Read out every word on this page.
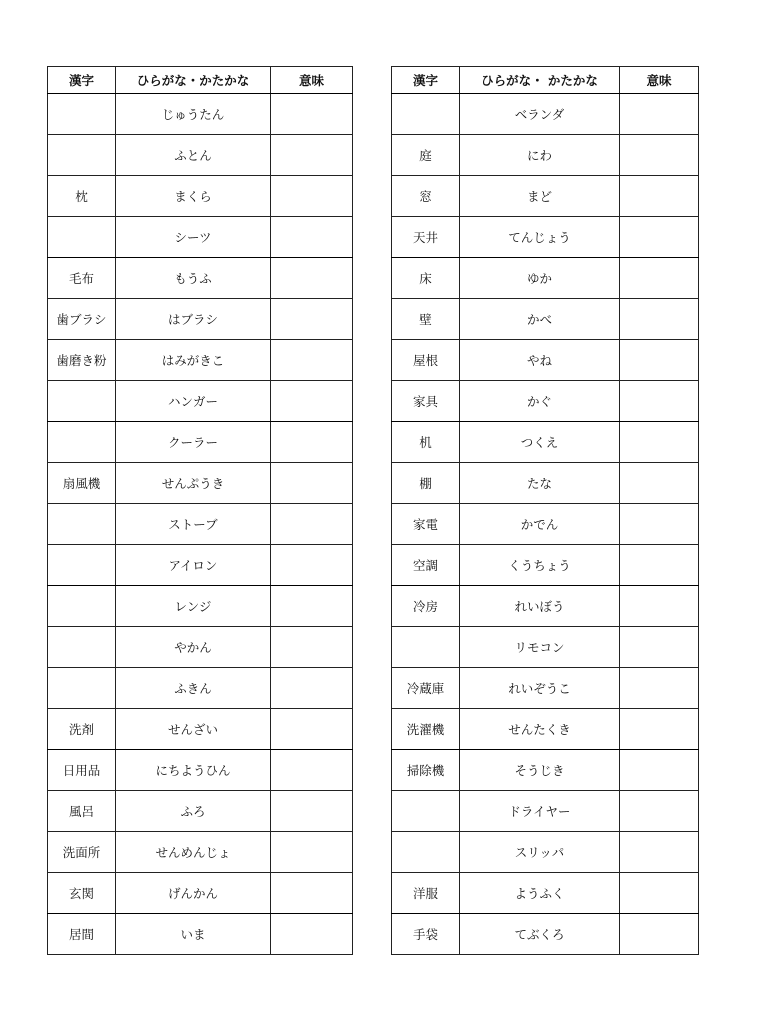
漢字	ひらがな・かたかな	意味
	じゅうたん	
	ふとん	
枕	まくら	
	シーツ	
毛布	もうふ	
歯ブラシ	はブラシ	
歯磨き粉	はみがきこ	
	ハンガー	
	クーラー	
扇風機	せんぷうき	
	ストーブ	
	アイロン	
	レンジ	
	やかん	
	ふきん	
洗剤	せんざい	
日用品	にちようひん	
風呂	ふろ	
洗面所	せんめんじょ	
玄関	げんかん	
居間	いま	
漢字	ひらがな・ かたかな	意味
	ベランダ	
庭	にわ	
窓	まど	
天井	てんじょう	
床	ゆか	
壁	かべ	
屋根	やね	
家具	かぐ	
机	つくえ	
棚	たな	
家電	かでん	
空調	くうちょう	
冷房	れいぼう	
	リモコン	
冷蔵庫	れいぞうこ	
洗濯機	せんたくき	
掃除機	そうじき	
	ドライヤー	
	スリッパ	
洋服	ようふく	
手袋	てぶくろ	
